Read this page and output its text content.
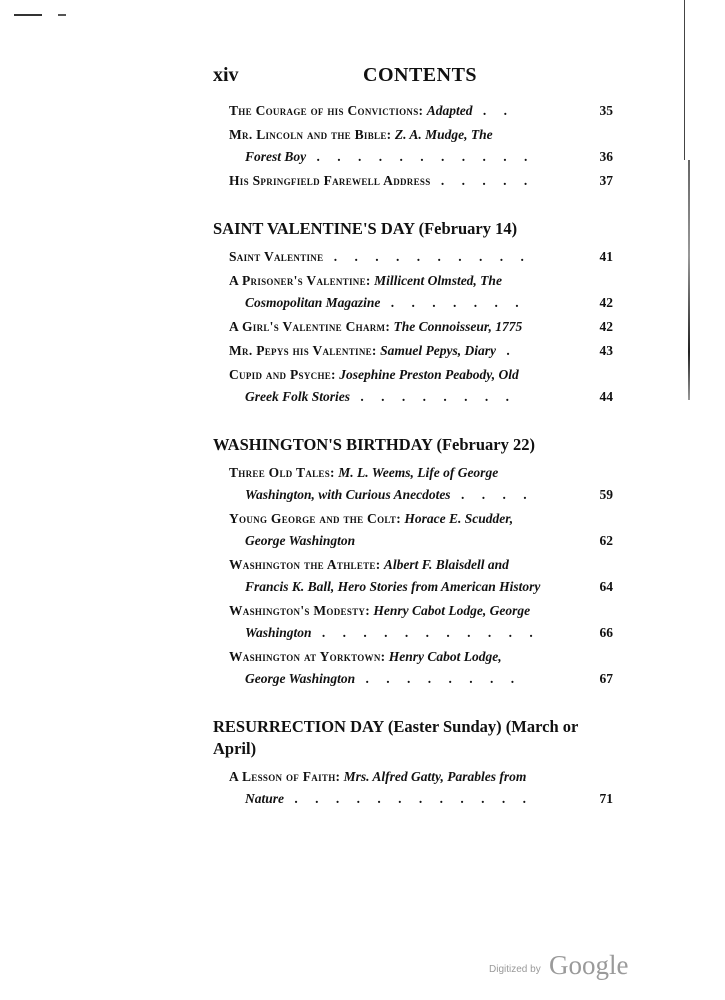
xiv	CONTENTS
The Courage of his Convictions: Adapted . .	35
Mr. Lincoln and the Bible: Z. A. Mudge, The
Forest Boy . . . . . . . . . . .	36
His Springfield Farewell Address . . . . .	37
SAINT VALENTINE'S DAY (February 14)
Saint Valentine . . . . . . . . . .	41
A Prisoner's Valentine: Millicent Olmsted, The
Cosmopolitan Magazine . . . . . . .	42
A Girl's Valentine Charm: The Connoisseur, 1775	42
Mr. Pepys his Valentine: Samuel Pepys, Diary .	43
Cupid and Psyche: Josephine Preston Peabody, Old
Greek Folk Stories . . . . . . . .	44
WASHINGTON'S BIRTHDAY (February 22)
Three Old Tales: M. L. Weems, Life of George
Washington, with Curious Anecdotes . . . .	59
Young George and the Colt: Horace E. Scudder,
George Washington	62
Washington the Athlete: Albert F. Blaisdell and
Francis K. Ball, Hero Stories from American History	64
Washington's Modesty: Henry Cabot Lodge, George
Washington . . . . . . . . . . .	66
Washington at Yorktown: Henry Cabot Lodge,
George Washington . . . . . . . .	67
RESURRECTION DAY (Easter Sunday) (March or April)
A Lesson of Faith: Mrs. Alfred Gatty, Parables from
Nature . . . . . . . . . . . .	71
Digitized by Google
